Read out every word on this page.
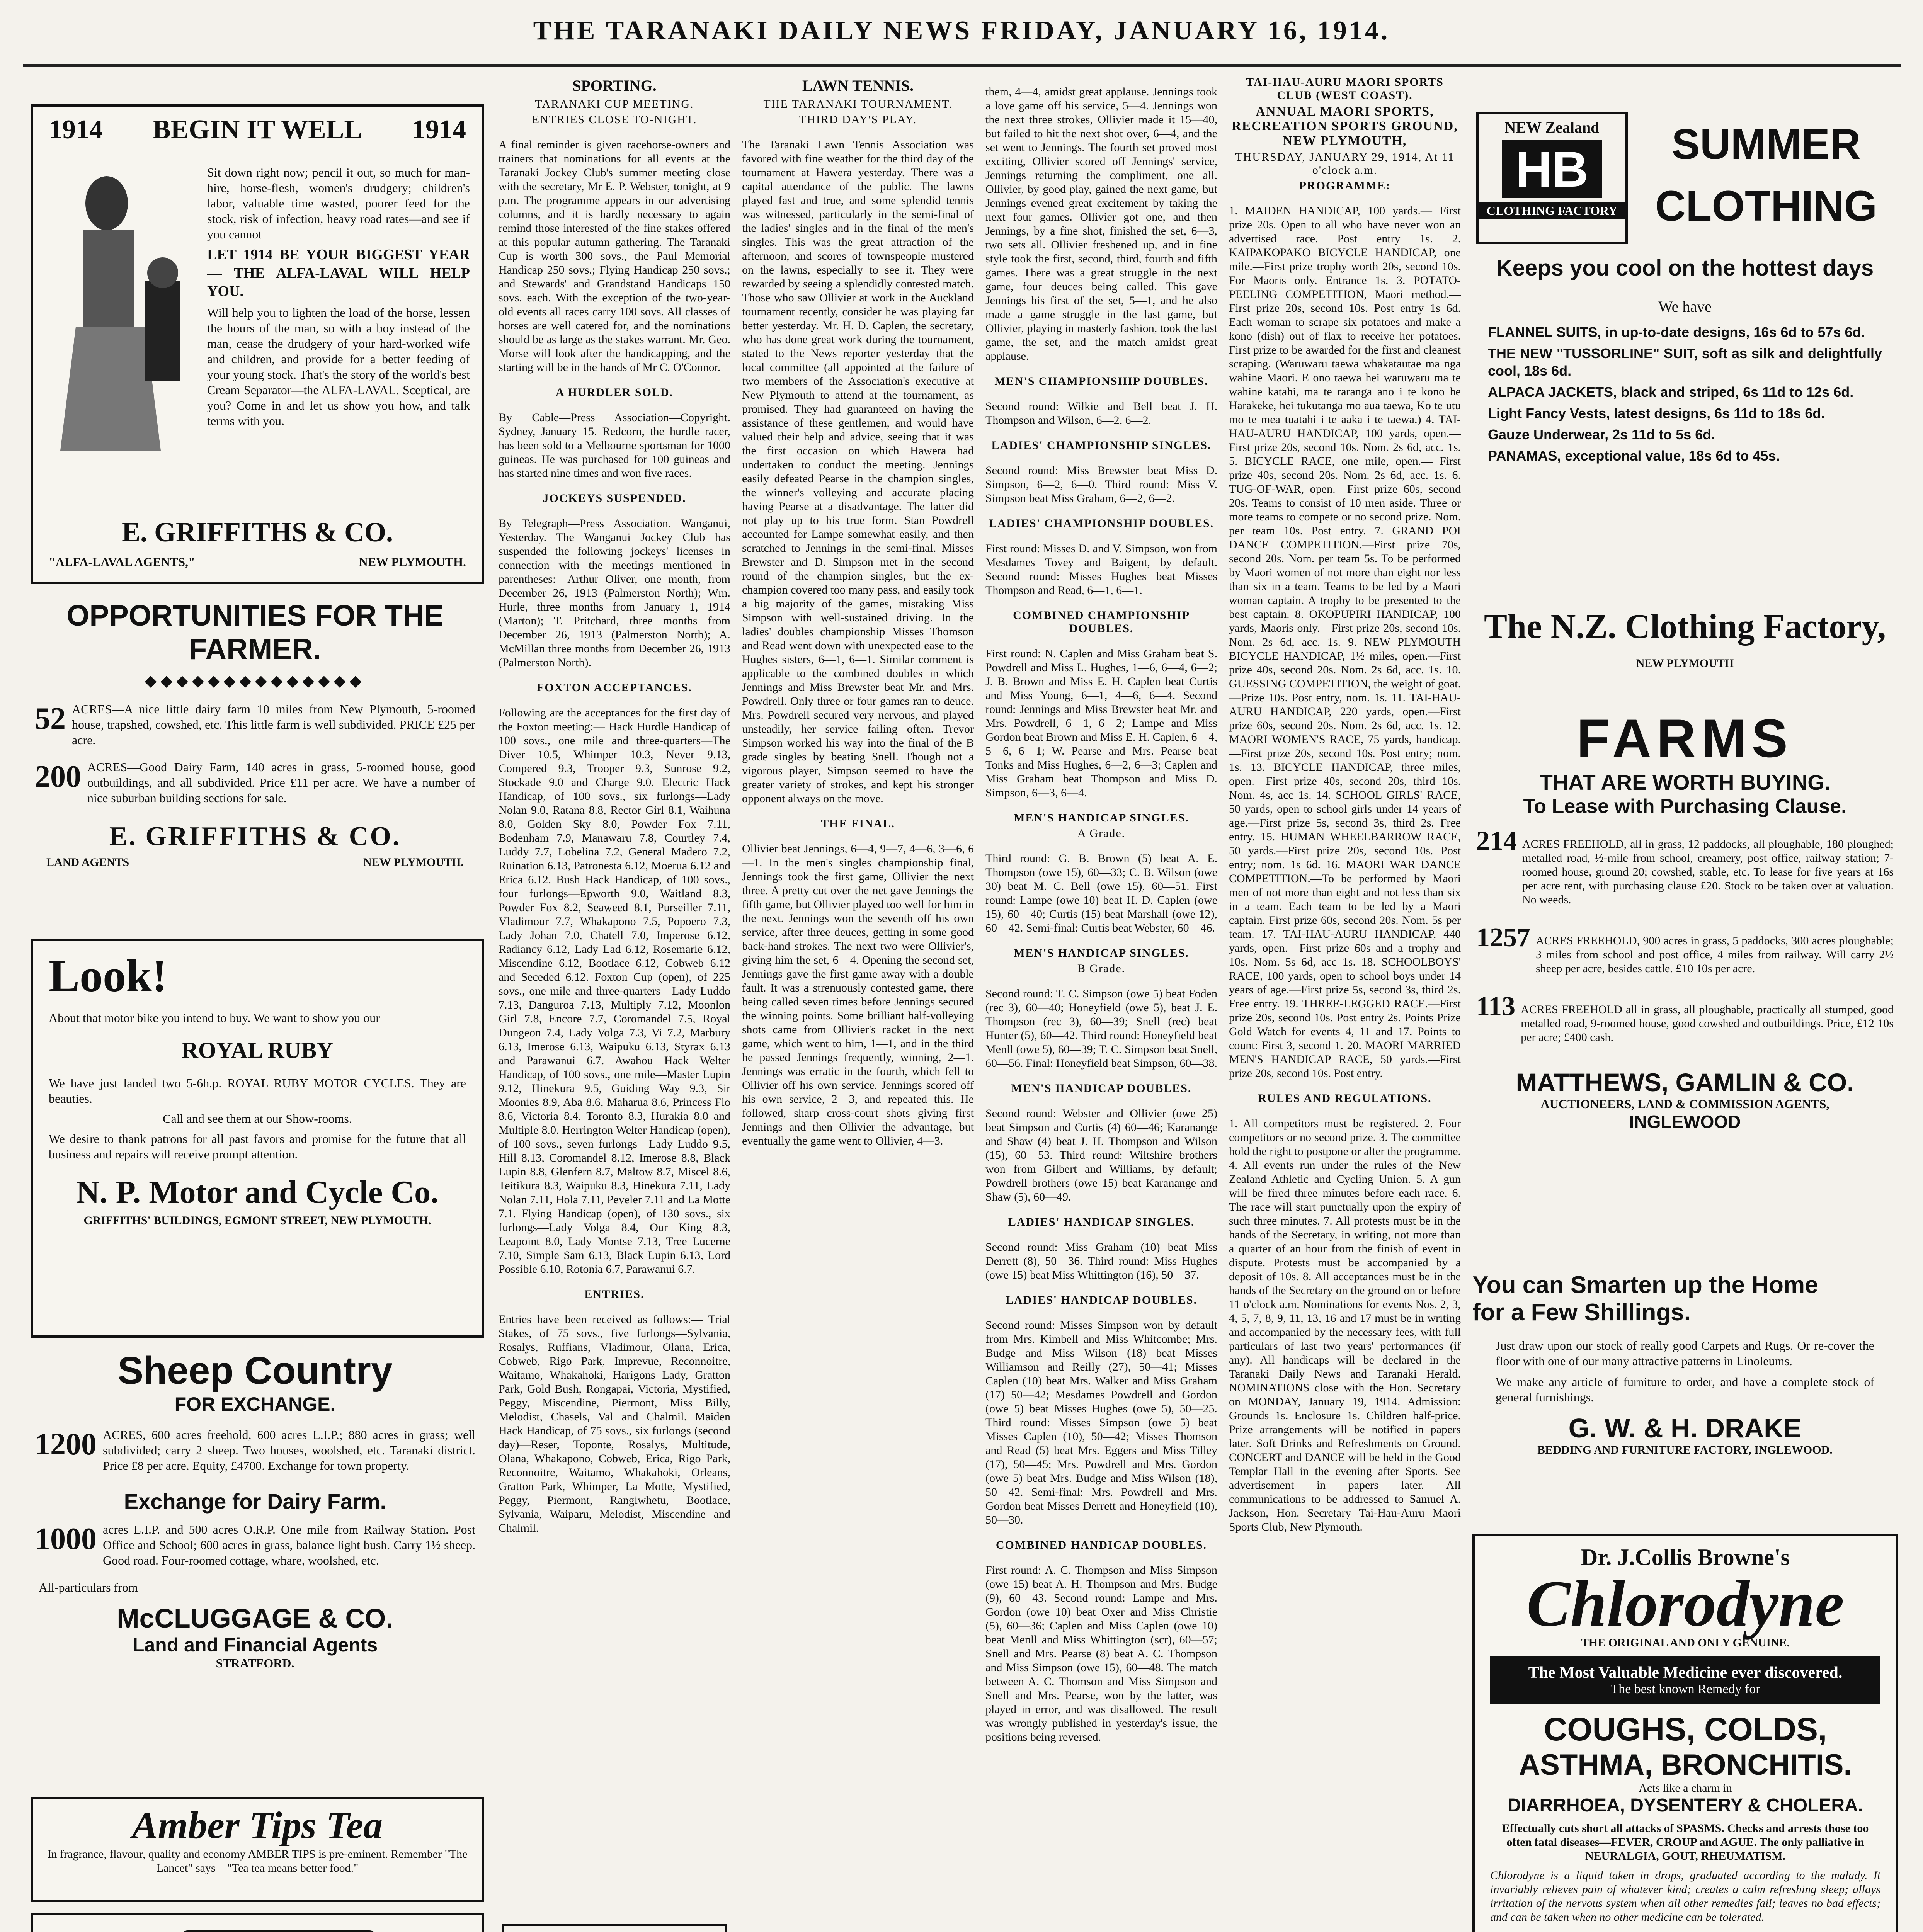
THE TARANAKI DAILY NEWS FRIDAY, JANUARY 16, 1914.
1914 BEGIN IT WELL 1914

Sit down right now; pencil it out, so much for man-hire, horse-flesh, women's drudgery; children's labor, valuable time wasted, poorer feed for the stock, risk of infection, heavy road rates—and see if you cannot

LET 1914 BE YOUR BIGGEST YEAR — THE ALFA-LAVAL WILL HELP YOU.

Will help you to lighten the load of the horse, lessen the hours of the man, so with a boy instead of the man, cease the drudgery of your hard-worked wife and children, and provide for a better feeding of your young stock. That's the story of the world's best Cream Separator—the ALFA-LAVAL. Sceptical, are you? Come in and let us show you how, and talk terms with you.

E. GRIFFITHS & CO.
"ALFA-LAVAL AGENTS,"	NEW PLYMOUTH.
OPPORTUNITIES FOR THE FARMER.
◆◆◆◆◆◆◆◆◆◆◆◆◆◆
52 ACRES—A nice little dairy farm 10 miles from New Plymouth, 5-roomed house, trapshed, cowshed, etc. This little farm is well subdivided. PRICE £25 per acre.

200 ACRES—Good Dairy Farm, 140 acres in grass, 5-roomed house, good outbuildings, and all subdivided. Price £11 per acre. We have a number of nice suburban building sections for sale.

E. GRIFFITHS & CO.
LAND AGENTS	NEW PLYMOUTH.
Look!

About that motor bike you intend to buy. We want to show you our

ROYAL RUBY

We have just landed two 5-6h.p. ROYAL RUBY MOTOR CYCLES. They are beauties.

Call and see them at our Show-rooms.

We desire to thank patrons for all past favors and promise for the future that all business and repairs will receive prompt attention.

N. P. Motor and Cycle Co.
GRIFFITHS' BUILDINGS, EGMONT STREET, NEW PLYMOUTH.
Sheep Country
FOR EXCHANGE.
1200 ACRES, 600 acres freehold, 600 acres L.I.P.; 880 acres in grass; well subdivided; carry 2 sheep. Two houses, woolshed, etc. Taranaki district. Price £8 per acre. Equity, £4700. Exchange for town property.

Exchange for Dairy Farm.
1000 acres L.I.P. and 500 acres O.R.P. One mile from Railway Station. Post Office and School; 600 acres in grass, balance light bush. Carry 1½ sheep. Good road. Four-roomed cottage, whare, woolshed, etc.

All-particulars from

McCLUGGAGE & CO.
Land and Financial Agents
STRATFORD.
Amber Tips Tea

In fragrance, flavour, quality and economy AMBER TIPS is pre-eminent. Remember "The Lancet" says—"Tea tea means better food."

SPORTING.
TARANAKI CUP MEETING.
ENTRIES CLOSE TO-NIGHT.

A final reminder is given racehorse-owners and trainers that nominations for all events at the Taranaki Jockey Club's summer meeting close with the secretary, Mr E. P. Webster, tonight, at 9 p.m. The programme appears in our advertising columns, and it is hardly necessary to again remind those interested of the fine stakes offered at this popular autumn gathering. The Taranaki Cup is worth 300 sovs., the Paul Memorial Handicap 250 sovs.; Flying Handicap 250 sovs.; and Stewards' and Grandstand Handicaps 150 sovs. each. With the exception of the two-year-old events all races carry 100 sovs. All classes of horses are well catered for, and the nominations should be as large as the stakes warrant. Mr. Geo. Morse will look after the handicapping, and the starting will be in the hands of Mr C. O'Connor.

A HURDLER SOLD.

By Cable—Press Association—Copyright. Sydney, January 15. Redcorn, the hurdle racer, has been sold to a Melbourne sportsman for 1000 guineas. He was purchased for 100 guineas and has started nine times and won five races.

JOCKEYS SUSPENDED.

By Telegraph—Press Association. Wanganui, Yesterday. The Wanganui Jockey Club has suspended the following jockeys' licenses in connection with the meetings mentioned in parentheses:—Arthur Oliver, one month, from December 26, 1913 (Palmerston North); Wm. Hurle, three months from January 1, 1914 (Marton); T. Pritchard, three months from December 26, 1913 (Palmerston North); A. McMillan three months from December 26, 1913 (Palmerston North).

FOXTON ACCEPTANCES.

Following are the acceptances for the first day of the Foxton meeting:— Hack Hurdle Handicap of 100 sovs., one mile and three-quarters—The Diver 10.5, Whimper 10.3, Never 9.13, Compered 9.3, Trooper 9.3, Sunrose 9.2, Stockade 9.0 and Charge 9.0. Electric Hack Handicap, of 100 sovs., six furlongs—Lady Nolan 9.0, Ratana 8.8, Rector Girl 8.1, Waihuna 8.0, Golden Sky 8.0, Powder Fox 7.11, Bodenham 7.9, Manawaru 7.8, Courtley 7.4, Luddy 7.7, Lobelina 7.2, General Madero 7.2, Ruination 6.13, Patronesta 6.12, Moerua 6.12 and Erica 6.12. Bush Hack Handicap, of 100 sovs., four furlongs—Epworth 9.0, Waitland 8.3, Powder Fox 8.2, Seaweed 8.1, Purseiller 7.11, Vladimour 7.7, Whakapono 7.5, Popoero 7.3, Lady Johan 7.0, Chatell 7.0, Imperose 6.12, Radiancy 6.12, Lady Lad 6.12, Rosemarie 6.12, Miscendine 6.12, Bootlace 6.12, Cobweb 6.12 and Seceded 6.12. Foxton Cup (open), of 225 sovs., one mile and three-quarters—Lady Luddo 7.13, Danguroa 7.13, Multiply 7.12, Moonlon Girl 7.8, Encore 7.7, Coromandel 7.5, Royal Dungeon 7.4, Lady Volga 7.3, Vi 7.2, Marbury 6.13, Imerose 6.13, Waipuku 6.13, Styrax 6.13 and Parawanui 6.7. Awahou Hack Welter Handicap, of 100 sovs., one mile—Master Lupin 9.12, Hinekura 9.5, Guiding Way 9.3, Sir Moonies 8.9, Aba 8.6, Maharua 8.6, Princess Flo 8.6, Victoria 8.4, Toronto 8.3, Hurakia 8.0 and Multiple 8.0. Herrington Welter Handicap (open), of 100 sovs., seven furlongs—Lady Luddo 9.5, Hill 8.13, Coromandel 8.12, Imerose 8.8, Black Lupin 8.8, Glenfern 8.7, Maltow 8.7, Miscel 8.6, Teitikura 8.3, Waipuku 8.3, Hinekura 7.11, Lady Nolan 7.11, Hola 7.11, Peveler 7.11 and La Motte 7.1. Flying Handicap (open), of 130 sovs., six furlongs—Lady Volga 8.4, Our King 8.3, Leapoint 8.0, Lady Montse 7.13, Tree Lucerne 7.10, Simple Sam 6.13, Black Lupin 6.13, Lord Possible 6.10, Rotonia 6.7, Parawanui 6.7.

ENTRIES.

Entries have been received as follows:— Trial Stakes, of 75 sovs., five furlongs—Sylvania, Rosalys, Ruffians, Vladimour, Olana, Erica, Cobweb, Rigo Park, Imprevue, Reconnoitre, Waitamo, Whakahoki, Harigons Lady, Gratton Park, Gold Bush, Rongapai, Victoria, Mystified, Peggy, Miscendine, Piermont, Miss Billy, Melodist, Chasels, Val and Chalmil. Maiden Hack Handicap, of 75 sovs., six furlongs (second day)—Reser, Toponte, Rosalys, Multitude, Olana, Whakapono, Cobweb, Erica, Rigo Park, Reconnoitre, Waitamo, Whakahoki, Orleans, Gratton Park, Whimper, La Motte, Mystified, Peggy, Piermont, Rangiwhetu, Bootlace, Sylvania, Waiparu, Melodist, Miscendine and Chalmil.

LAWN TENNIS.
THE TARANAKI TOURNAMENT.
THIRD DAY'S PLAY.

The Taranaki Lawn Tennis Association was favored with fine weather for the third day of the tournament at Hawera yesterday. There was a capital attendance of the public. The lawns played fast and true, and some splendid tennis was witnessed, particularly in the semi-final of the ladies' singles and in the final of the men's singles. This was the great attraction of the afternoon, and scores of townspeople mustered on the lawns, especially to see it. They were rewarded by seeing a splendidly contested match. Those who saw Ollivier at work in the Auckland tournament recently, consider he was playing far better yesterday. Mr. H. D. Caplen, the secretary, who has done great work during the tournament, stated to the News reporter yesterday that the local committee (all appointed at the failure of two members of the Association's executive at New Plymouth to attend at the tournament, as promised. They had guaranteed on having the assistance of these gentlemen, and would have valued their help and advice, seeing that it was the first occasion on which Hawera had undertaken to conduct the meeting. Jennings easily defeated Pearse in the champion singles, the winner's volleying and accurate placing having Pearse at a disadvantage. The latter did not play up to his true form. Stan Powdrell accounted for Lampe somewhat easily, and then scratched to Jennings in the semi-final. Misses Brewster and D. Simpson met in the second round of the champion singles, but the ex-champion covered too many pass, and easily took a big majority of the games, mistaking Miss Simpson with well-sustained driving. In the ladies' doubles championship Misses Thomson and Read went down with unexpected ease to the Hughes sisters, 6—1, 6—1. Similar comment is applicable to the combined doubles in which Jennings and Miss Brewster beat Mr. and Mrs. Powdrell. Only three or four games ran to deuce. Mrs. Powdrell secured very nervous, and played unsteadily, her service failing often. Trevor Simpson worked his way into the final of the B grade singles by beating Snell. Though not a vigorous player, Simpson seemed to have the greater variety of strokes, and kept his stronger opponent always on the move.

THE FINAL.

Ollivier beat Jennings, 6—4, 9—7, 4—6, 3—6, 6—1. In the men's singles championship final, Jennings took the first game, Ollivier the next three. A pretty cut over the net gave Jennings the fifth game, but Ollivier played too well for him in the next. Jennings won the seventh off his own service, after three deuces, getting in some good back-hand strokes. The next two were Ollivier's, giving him the set, 6—4. Opening the second set, Jennings gave the first game away with a double fault. It was a strenuously contested game, there being called seven times before Jennings secured the winning points. Some brilliant half-volleying shots came from Ollivier's racket in the next game, which went to him, 1—1, and in the third he passed Jennings frequently, winning, 2—1. Jennings was erratic in the fourth, which fell to Ollivier off his own service. Jennings scored off his own service, 2—3, and repeated this. He followed, sharp cross-court shots giving first Jennings and then Ollivier the advantage, but eventually the game went to Ollivier, 4—3.

them, 4—4, amidst great applause. Jennings took a love game off his service, 5—4. Jennings won the next three strokes, Ollivier made it 15—40, but failed to hit the next shot over, 6—4, and the set went to Jennings. The fourth set proved most exciting, Ollivier scored off Jennings' service, Jennings returning the compliment, one all. Ollivier, by good play, gained the next game, but Jennings evened great excitement by taking the next four games. Ollivier got one, and then Jennings, by a fine shot, finished the set, 6—3, two sets all. Ollivier freshened up, and in fine style took the first, second, third, fourth and fifth games. There was a great struggle in the next game, four deuces being called. This gave Jennings his first of the set, 5—1, and he also made a game struggle in the last game, but Ollivier, playing in masterly fashion, took the last game, the set, and the match amidst great applause.

MEN'S CHAMPIONSHIP DOUBLES.

Second round: Wilkie and Bell beat J. H. Thompson and Wilson, 6—2, 6—2.

LADIES' CHAMPIONSHIP SINGLES.

Second round: Miss Brewster beat Miss D. Simpson, 6—2, 6—0. Third round: Miss V. Simpson beat Miss Graham, 6—2, 6—2.

LADIES' CHAMPIONSHIP DOUBLES.

First round: Misses D. and V. Simpson, won from Mesdames Tovey and Baigent, by default. Second round: Misses Hughes beat Misses Thompson and Read, 6—1, 6—1.

COMBINED CHAMPIONSHIP DOUBLES.

First round: N. Caplen and Miss Graham beat S. Powdrell and Miss L. Hughes, 1—6, 6—4, 6—2; J. B. Brown and Miss E. H. Caplen beat Curtis and Miss Young, 6—1, 4—6, 6—4. Second round: Jennings and Miss Brewster beat Mr. and Mrs. Powdrell, 6—1, 6—2; Lampe and Miss Gordon beat Brown and Miss E. H. Caplen, 6—4, 5—6, 6—1; W. Pearse and Mrs. Pearse beat Tonks and Miss Hughes, 6—2, 6—3; Caplen and Miss Graham beat Thompson and Miss D. Simpson, 6—3, 6—4.

MEN'S HANDICAP SINGLES.
A Grade.

Third round: G. B. Brown (5) beat A. E. Thompson (owe 15), 60—33; C. B. Wilson (owe 30) beat M. C. Bell (owe 15), 60—51. First round: Lampe (owe 10) beat H. D. Caplen (owe 15), 60—40; Curtis (15) beat Marshall (owe 12), 60—42. Semi-final: Curtis beat Webster, 60—46.

MEN'S HANDICAP SINGLES.
B Grade.

Second round: T. C. Simpson (owe 5) beat Foden (rec 3), 60—40; Honeyfield (owe 5), beat J. E. Thompson (rec 3), 60—39; Snell (rec) beat Hunter (5), 60—42. Third round: Honeyfield beat Menll (owe 5), 60—39; T. C. Simpson beat Snell, 60—56. Final: Honeyfield beat Simpson, 60—38.

MEN'S HANDICAP DOUBLES.

Second round: Webster and Ollivier (owe 25) beat Simpson and Curtis (4) 60—46; Karanange and Shaw (4) beat J. H. Thompson and Wilson (15), 60—53. Third round: Wiltshire brothers won from Gilbert and Williams, by default; Powdrell brothers (owe 15) beat Karanange and Shaw (5), 60—49.

LADIES' HANDICAP SINGLES.

Second round: Miss Graham (10) beat Miss Derrett (8), 50—36. Third round: Miss Hughes (owe 15) beat Miss Whittington (16), 50—37.

LADIES' HANDICAP DOUBLES.

Second round: Misses Simpson won by default from Mrs. Kimbell and Miss Whitcombe; Mrs. Budge and Miss Wilson (18) beat Misses Williamson and Reilly (27), 50—41; Misses Caplen (10) beat Mrs. Walker and Miss Graham (17) 50—42; Mesdames Powdrell and Gordon (owe 5) beat Misses Hughes (owe 5), 50—25. Third round: Misses Simpson (owe 5) beat Misses Caplen (10), 50—42; Misses Thomson and Read (5) beat Mrs. Eggers and Miss Tilley (17), 50—45; Mrs. Powdrell and Mrs. Gordon (owe 5) beat Mrs. Budge and Miss Wilson (18), 50—42. Semi-final: Mrs. Powdrell and Mrs. Gordon beat Misses Derrett and Honeyfield (10), 50—30.

COMBINED HANDICAP DOUBLES.

First round: A. C. Thompson and Miss Simpson (owe 15) beat A. H. Thompson and Mrs. Budge (9), 60—43. Second round: Lampe and Mrs. Gordon (owe 10) beat Oxer and Miss Christie (5), 60—36; Caplen and Miss Caplen (owe 10) beat Menll and Miss Whittington (scr), 60—57; Snell and Mrs. Pearse (8) beat A. C. Thompson and Miss Simpson (owe 15), 60—48. The match between A. C. Thomson and Miss Simpson and Snell and Mrs. Pearse, won by the latter, was played in error, and was disallowed. The result was wrongly published in yesterday's issue, the positions being reversed.

TAI-HAU-AURU MAORI SPORTS CLUB (WEST COAST).
ANNUAL MAORI SPORTS, RECREATION SPORTS GROUND, NEW PLYMOUTH,
THURSDAY, JANUARY 29, 1914, At 11 o'clock a.m.
PROGRAMME:

1. MAIDEN HANDICAP, 100 yards.— First prize 20s. Open to all who have never won an advertised race. Post entry 1s. 2. KAIPAKOPAKO BICYCLE HANDICAP, one mile.—First prize trophy worth 20s, second 10s. For Maoris only. Entrance 1s. 3. POTATO-PEELING COMPETITION, Maori method.—First prize 20s, second 10s. Post entry 1s 6d. Each woman to scrape six potatoes and make a kono (dish) out of flax to receive her potatoes. First prize to be awarded for the first and cleanest scraping. (Waruwaru taewa whakatautae ma nga wahine Maori. E ono taewa hei waruwaru ma te wahine katahi, ma te raranga ano i te kono he Harakeke, hei tukutanga mo aua taewa, Ko te utu mo te mea tuatahi i te aaka i te taewa.) 4. TAI-HAU-AURU HANDICAP, 100 yards, open.—First prize 20s, second 10s. Nom. 2s 6d, acc. 1s. 5. BICYCLE RACE, one mile, open.— First prize 40s, second 20s. Nom. 2s 6d, acc. 1s. 6. TUG-OF-WAR, open.—First prize 60s, second 20s. Teams to consist of 10 men aside. Three or more teams to compete or no second prize. Nom. per team 10s. Post entry. 7. GRAND POI DANCE COMPETITION.—First prize 70s, second 20s. Nom. per team 5s. To be performed by Maori women of not more than eight nor less than six in a team. Teams to be led by a Maori woman captain. A trophy to be presented to the best captain. 8. OKOPUPIRI HANDICAP, 100 yards, Maoris only.—First prize 20s, second 10s. Nom. 2s 6d, acc. 1s. 9. NEW PLYMOUTH BICYCLE HANDICAP, 1½ miles, open.—First prize 40s, second 20s. Nom. 2s 6d, acc. 1s. 10. GUESSING COMPETITION, the weight of goat.—Prize 10s. Post entry, nom. 1s. 11. TAI-HAU-AURU HANDICAP, 220 yards, open.—First prize 60s, second 20s. Nom. 2s 6d, acc. 1s. 12. MAORI WOMEN'S RACE, 75 yards, handicap.—First prize 20s, second 10s. Post entry; nom. 1s. 13. BICYCLE HANDICAP, three miles, open.—First prize 40s, second 20s, third 10s. Nom. 4s, acc 1s. 14. SCHOOL GIRLS' RACE, 50 yards, open to school girls under 14 years of age.—First prize 5s, second 3s, third 2s. Free entry. 15. HUMAN WHEELBARROW RACE, 50 yards.—First prize 20s, second 10s. Post entry; nom. 1s 6d. 16. MAORI WAR DANCE COMPETITION.—To be performed by Maori men of not more than eight and not less than six in a team. Each team to be led by a Maori captain. First prize 60s, second 20s. Nom. 5s per team. 17. TAI-HAU-AURU HANDICAP, 440 yards, open.—First prize 60s and a trophy and 10s. Nom. 5s 6d, acc 1s. 18. SCHOOLBOYS' RACE, 100 yards, open to school boys under 14 years of age.—First prize 5s, second 3s, third 2s. Free entry. 19. THREE-LEGGED RACE.—First prize 20s, second 10s. Post entry 2s. Points Prize Gold Watch for events 4, 11 and 17. Points to count: First 3, second 1. 20. MAORI MARRIED MEN'S HANDICAP RACE, 50 yards.—First prize 20s, second 10s. Post entry.

RULES AND REGULATIONS.

1. All competitors must be registered. 2. Four competitors or no second prize. 3. The committee hold the right to postpone or alter the programme. 4. All events run under the rules of the New Zealand Athletic and Cycling Union. 5. A gun will be fired three minutes before each race. 6. The race will start punctually upon the expiry of such three minutes. 7. All protests must be in the hands of the Secretary, in writing, not more than a quarter of an hour from the finish of event in dispute. Protests must be accompanied by a deposit of 10s. 8. All acceptances must be in the hands of the Secretary on the ground on or before 11 o'clock a.m. Nominations for events Nos. 2, 3, 4, 5, 7, 8, 9, 11, 13, 16 and 17 must be in writing and accompanied by the necessary fees, with full particulars of last two years' performances (if any). All handicaps will be declared in the Taranaki Daily News and Taranaki Herald. NOMINATIONS close with the Hon. Secretary on MONDAY, January 19, 1914. Admission: Grounds 1s. Enclosure 1s. Children half-price. Prize arrangements will be notified in papers later. Soft Drinks and Refreshments on Ground. CONCERT and DANCE will be held in the Good Templar Hall in the evening after Sports. See advertisement in papers later. All communications to be addressed to Samuel A. Jackson, Hon. Secretary Tai-Hau-Auru Maori Sports Club, New Plymouth.

NEW Zealand
HB
CLOTHING FACTORY
SUMMER
CLOTHING
Keeps you cool on the hottest days
We have

FLANNEL SUITS, in up-to-date designs, 16s 6d to 57s 6d.

THE NEW "TUSSORLINE" SUIT, soft as silk and delightfully cool, 18s 6d.

ALPACA JACKETS, black and striped, 6s 11d to 12s 6d.

Light Fancy Vests, latest designs, 6s 11d to 18s 6d.

Gauze Underwear, 2s 11d to 5s 6d.

PANAMAS, exceptional value, 18s 6d to 45s.

The N.Z. Clothing Factory,
NEW PLYMOUTH
FARMS
THAT ARE WORTH BUYING.
To Lease with Purchasing Clause.
214 ACRES FREEHOLD, all in grass, 12 paddocks, all ploughable, 180 ploughed; metalled road, ½-mile from school, creamery, post office, railway station; 7-roomed house, ground 20; cowshed, stable, etc. To lease for five years at 16s per acre rent, with purchasing clause £20. Stock to be taken over at valuation. No weeds.

1257 ACRES FREEHOLD, 900 acres in grass, 5 paddocks, 300 acres ploughable; 3 miles from school and post office, 4 miles from railway. Will carry 2½ sheep per acre, besides cattle. £10 10s per acre.

113 ACRES FREEHOLD all in grass, all ploughable, practically all stumped, good metalled road, 9-roomed house, good cowshed and outbuildings. Price, £12 10s per acre; £400 cash.

MATTHEWS, GAMLIN & CO.
AUCTIONEERS, LAND & COMMISSION AGENTS,
INGLEWOOD
You can Smarten up the Home
for a Few Shillings.

Just draw upon our stock of really good Carpets and Rugs. Or re-cover the floor with one of our many attractive patterns in Linoleums.

We make any article of furniture to order, and have a complete stock of general furnishings.

G. W. & H. DRAKE
BEDDING AND FURNITURE FACTORY, INGLEWOOD.
Dr. J.Collis Browne's
Chlorodyne
THE ORIGINAL AND ONLY GENUINE.
The Most Valuable Medicine ever discovered.
The best known Remedy for
COUGHS, COLDS,
ASTHMA, BRONCHITIS.
Acts like a charm in
DIARRHOEA, DYSENTERY & CHOLERA.

Effectually cuts short all attacks of SPASMS. Checks and arrests those too often fatal diseases—FEVER, CROUP and AGUE. The only palliative in NEURALGIA, GOUT, RHEUMATISM.

Chlorodyne is a liquid taken in drops, graduated according to the malady. It invariably relieves pain of whatever kind; creates a calm refreshing sleep; allays irritation of the nervous system when all other remedies fail; leaves no bad effects; and can be taken when no other medicine can be tolerated.
